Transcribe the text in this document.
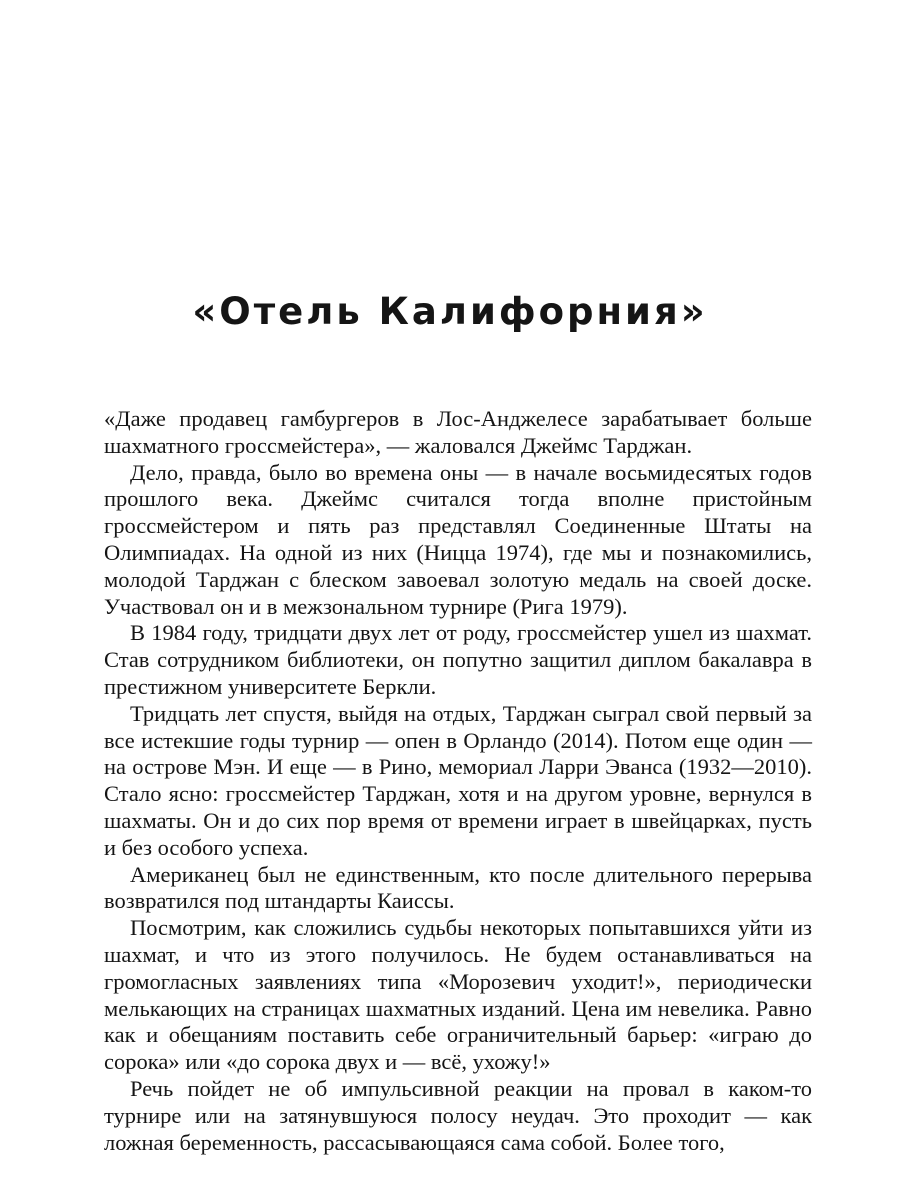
«Отель Калифорния»

«Даже продавец гамбургеров в Лос-Анджелесе зарабатывает больше шахматного гроссмейстера», — жаловался Джеймс Тарджан.

Дело, правда, было во времена оны — в начале восьмидесятых годов прошлого века. Джеймс считался тогда вполне пристойным гроссмейстером и пять раз представлял Соединенные Штаты на Олимпиадах. На одной из них (Ницца 1974), где мы и познакомились, молодой Тарджан с блеском завоевал золотую медаль на своей доске. Участвовал он и в межзональном турнире (Рига 1979).

В 1984 году, тридцати двух лет от роду, гроссмейстер ушел из шахмат. Став сотрудником библиотеки, он попутно защитил диплом бакалавра в престижном университете Беркли.

Тридцать лет спустя, выйдя на отдых, Тарджан сыграл свой первый за все истекшие годы турнир — опен в Орландо (2014). Потом еще один — на острове Мэн. И еще — в Рино, мемориал Ларри Эванса (1932—2010). Стало ясно: гроссмейстер Тарджан, хотя и на другом уровне, вернулся в шахматы. Он и до сих пор время от времени играет в швейцарках, пусть и без особого успеха.

Американец был не единственным, кто после длительного перерыва возвратился под штандарты Каиссы.

Посмотрим, как сложились судьбы некоторых попытавшихся уйти из шахмат, и что из этого получилось. Не будем останавливаться на громогласных заявлениях типа «Морозевич уходит!», периодически мелькающих на страницах шахматных изданий. Цена им невелика. Равно как и обещаниям поставить себе ограничительный барьер: «играю до сорока» или «до сорока двух и — всё, ухожу!»

Речь пойдет не об импульсивной реакции на провал в каком-то турнире или на затянувшуюся полосу неудач. Это проходит — как ложная беременность, рассасывающаяся сама собой. Более того,
